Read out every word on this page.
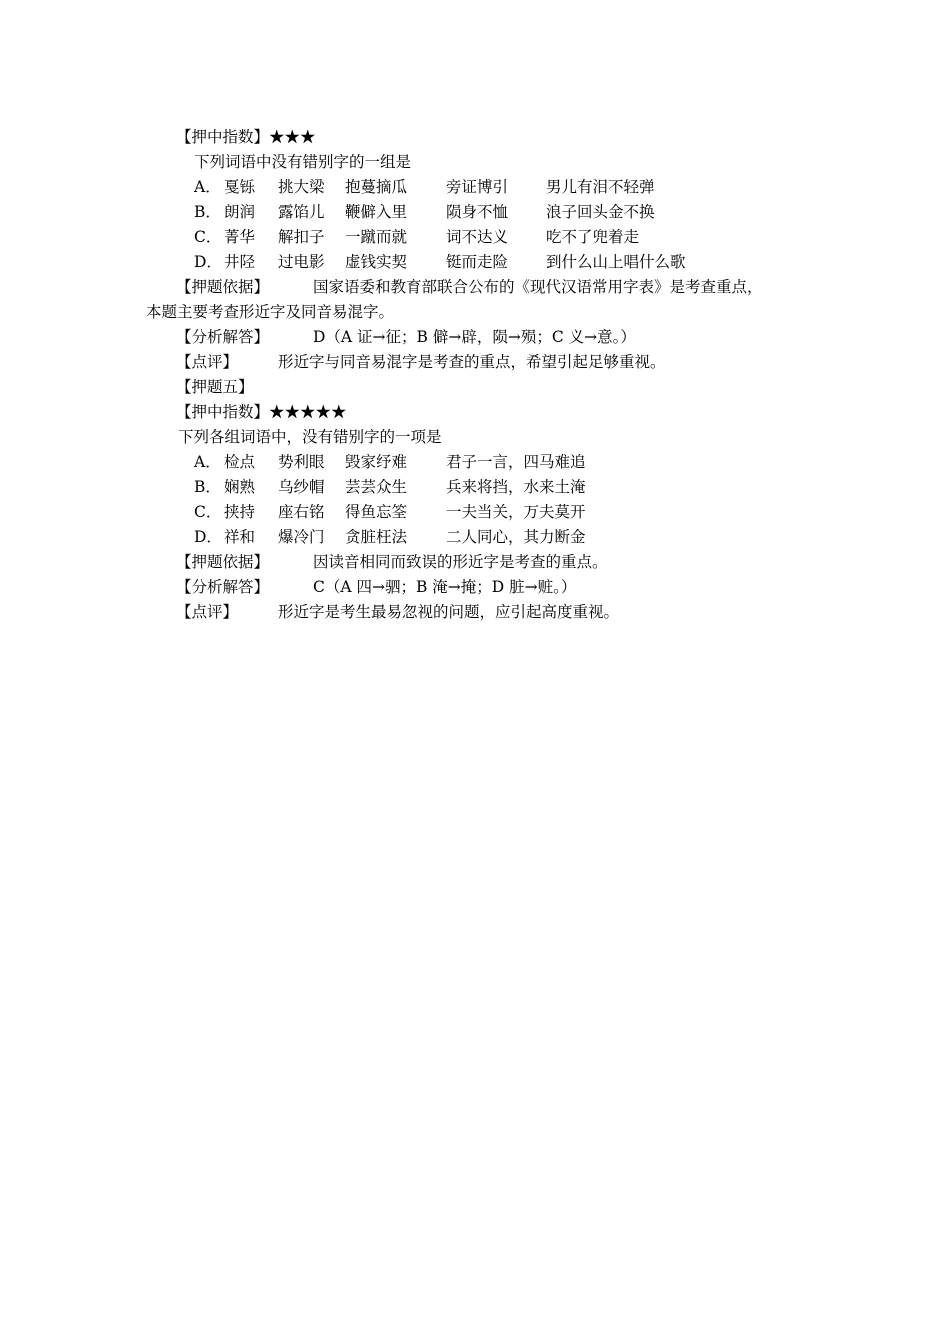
【押中指数】★★★
下列词语中没有错别字的一组是
A． 戛铄 挑大梁 抱蔓摘瓜	旁证博引 男儿有泪不轻弹
B． 朗润 露馅儿 鞭僻入里	陨身不恤 浪子回头金不换
C． 菁华 解扣子 一蹴而就	词不达义 吃不了兜着走
D． 井陉 过电影 虚钱实契	铤而走险 到什么山上唱什么歌
【押题依据】	国家语委和教育部联合公布的《现代汉语常用字表》是考查重点，
本题主要考查形近字及同音易混字。
【分析解答】	D（A 证→征；B 僻→辟，陨→殒；C 义→意。）
【点评】	形近字与同音易混字是考查的重点，希望引起足够重视。
【押题五】
【押中指数】★★★★★
下列各组词语中，没有错别字的一项是
A． 检点 势利眼 毁家纾难	君子一言，四马难追
B． 娴熟 乌纱帽 芸芸众生	兵来将挡，水来土淹
C． 挟持 座右铭 得鱼忘筌	一夫当关，万夫莫开
D． 祥和 爆冷门 贪脏枉法	二人同心，其力断金
【押题依据】	因读音相同而致误的形近字是考查的重点。
【分析解答】	C（A 四→驷；B 淹→掩；D 脏→赃。）
【点评】	形近字是考生最易忽视的问题，应引起高度重视。
